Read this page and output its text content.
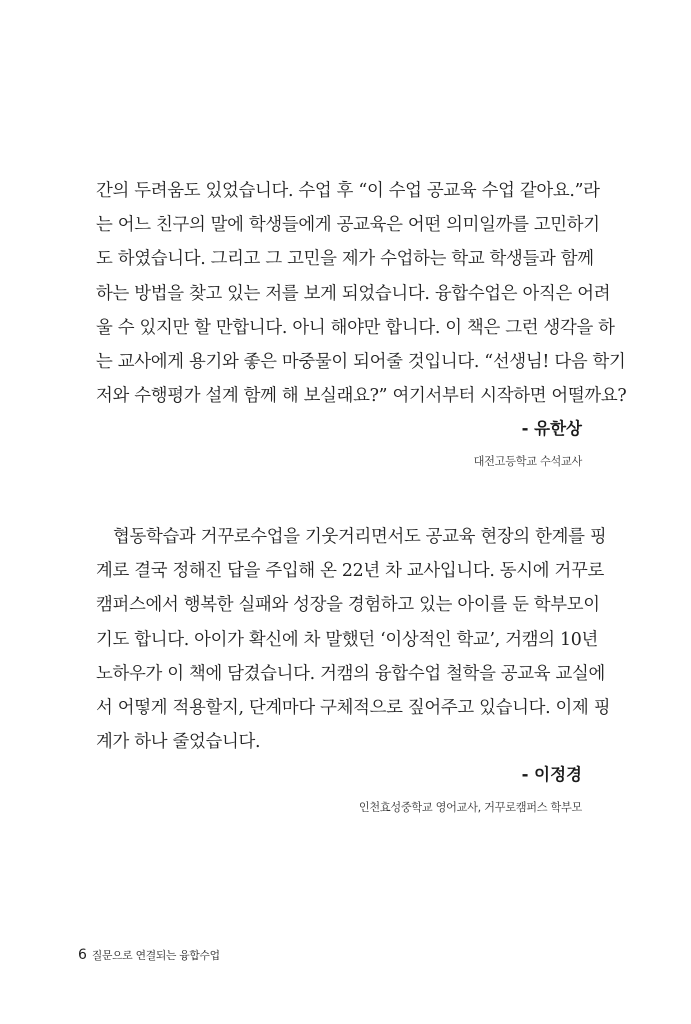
간의 두려움도 있었습니다. 수업 후 “이 수업 공교육 수업 같아요.”라
는 어느 친구의 말에 학생들에게 공교육은 어떤 의미일까를 고민하기
도 하였습니다. 그리고 그 고민을 제가 수업하는 학교 학생들과 함께
하는 방법을 찾고 있는 저를 보게 되었습니다. 융합수업은 아직은 어려
울 수 있지만 할 만합니다. 아니 해야만 합니다. 이 책은 그런 생각을 하
는 교사에게 용기와 좋은 마중물이 되어줄 것입니다. “선생님! 다음 학기
저와 수행평가 설계 함께 해 보실래요?” 여기서부터 시작하면 어떨까요?
- 유한상
대전고등학교 수석교사
협동학습과 거꾸로수업을 기웃거리면서도 공교육 현장의 한계를 핑
계로 결국 정해진 답을 주입해 온 22년 차 교사입니다. 동시에 거꾸로
캠퍼스에서 행복한 실패와 성장을 경험하고 있는 아이를 둔 학부모이
기도 합니다. 아이가 확신에 차 말했던 ‘이상적인 학교’, 거캠의 10년
노하우가 이 책에 담겼습니다. 거캠의 융합수업 철학을 공교육 교실에
서 어떻게 적용할지, 단계마다 구체적으로 짚어주고 있습니다. 이제 핑
계가 하나 줄었습니다.
- 이정경
인천효성중학교 영어교사, 거꾸로캠퍼스 학부모
6 질문으로 연결되는 융합수업
